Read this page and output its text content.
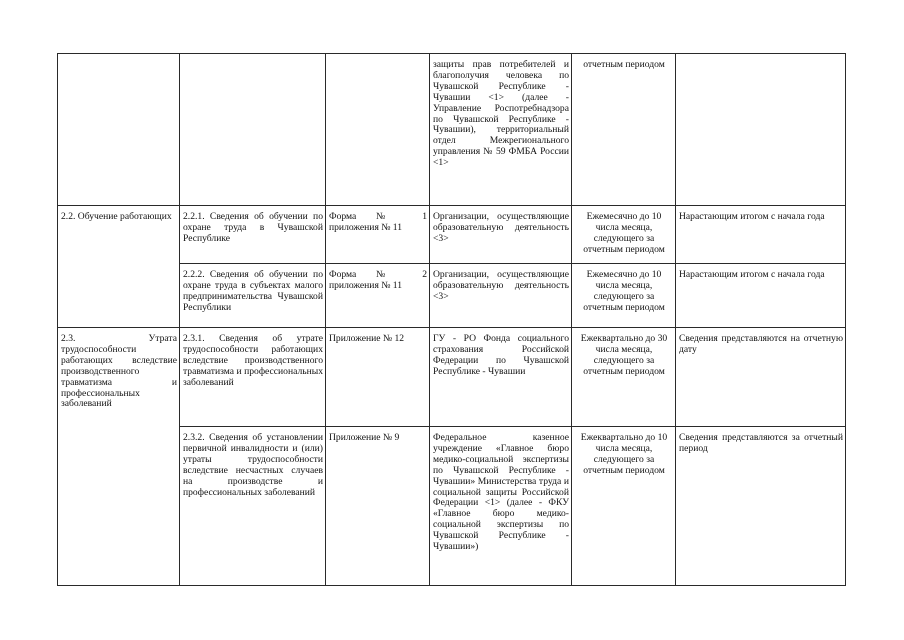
			защиты прав потребителей и благополучия человека по Чувашской Республике - Чувашии <1> (далее - Управление Роспотребнадзора по Чувашской Республике - Чувашии), территориальный отдел Межрегионального управления № 59 ФМБА России <1>	отчетным периодом	
2.2. Обучение работающих	2.2.1. Сведения об обучении по охране труда в Чувашской Республике	Форма № 1 приложения № 11	Организации, осуществляющие образовательную деятельность <3>	Ежемесячно до 10 числа месяца, следующего за отчетным периодом	Нарастающим итогом с начала года
	2.2.2. Сведения об обучении по охране труда в субъектах малого предпринимательства Чувашской Республики	Форма № 2 приложения № 11	Организации, осуществляющие образовательную деятельность <3>	Ежемесячно до 10 числа месяца, следующего за отчетным периодом	Нарастающим итогом с начала года
2.3. Утрата трудоспособности работающих вследствие производственного травматизма и профессиональных заболеваний	2.3.1. Сведения об утрате трудоспособности работающих вследствие производственного травматизма и профессиональных заболеваний	Приложение № 12	ГУ - РО Фонда социального страхования Российской Федерации по Чувашской Республике - Чувашии	Ежеквартально до 30 числа месяца, следующего за отчетным периодом	Сведения представляются на отчетную дату
	2.3.2. Сведения об установлении первичной инвалидности и (или) утраты трудоспособности вследствие несчастных случаев на производстве и профессиональных заболеваний	Приложение № 9	Федеральное казенное учреждение «Главное бюро медико-социальной экспертизы по Чувашской Республике - Чувашии» Министерства труда и социальной защиты Российской Федерации <1> (далее - ФКУ «Главное бюро медико-социальной экспертизы по Чувашской Республике - Чувашии»)	Ежеквартально до 10 числа месяца, следующего за отчетным периодом	Сведения представляются за отчетный период
